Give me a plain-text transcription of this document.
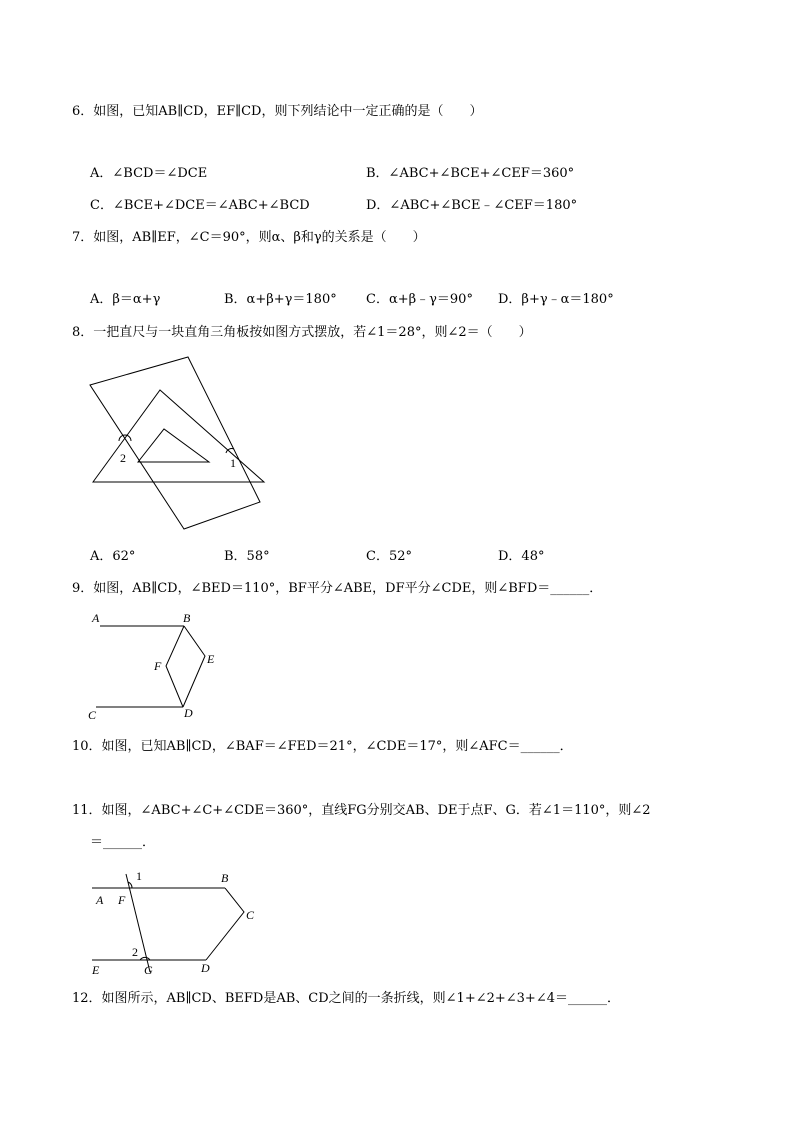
6．如图，已知AB∥CD，EF∥CD，则下列结论中一定正确的是（　　）
A．∠BCD＝∠DCE	B．∠ABC+∠BCE+∠CEF＝360°
C．∠BCE+∠DCE＝∠ABC+∠BCD	D．∠ABC+∠BCE﹣∠CEF＝180°
7．如图，AB∥EF，∠C＝90°，则α、β和γ的关系是（　　）
A．β＝α+γ	B．α+β+γ＝180° C．α+β﹣γ＝90° D．β+γ﹣α＝180°
8．一把直尺与一块直角三角板按如图方式摆放，若∠1＝28°，则∠2＝（　　）
2	1
A．62°	B．58°	C．52°	D．48°
9．如图，AB∥CD，∠BED＝110°，BF平分∠ABE，DF平分∠CDE，则∠BFD＝______．
A	B
E
F
C	D
10．如图，已知AB∥CD，∠BAF＝∠FED＝21°，∠CDE＝17°，则∠AFC＝______．
11．如图，∠ABC+∠C+∠CDE＝360°，直线FG分别交AB、DE于点F、G．若∠1＝110°，则∠2
＝______．
1	B
A F
C
2
E	G	D
12．如图所示，AB∥CD、BEFD是AB、CD之间的一条折线，则∠1+∠2+∠3+∠4＝______．
